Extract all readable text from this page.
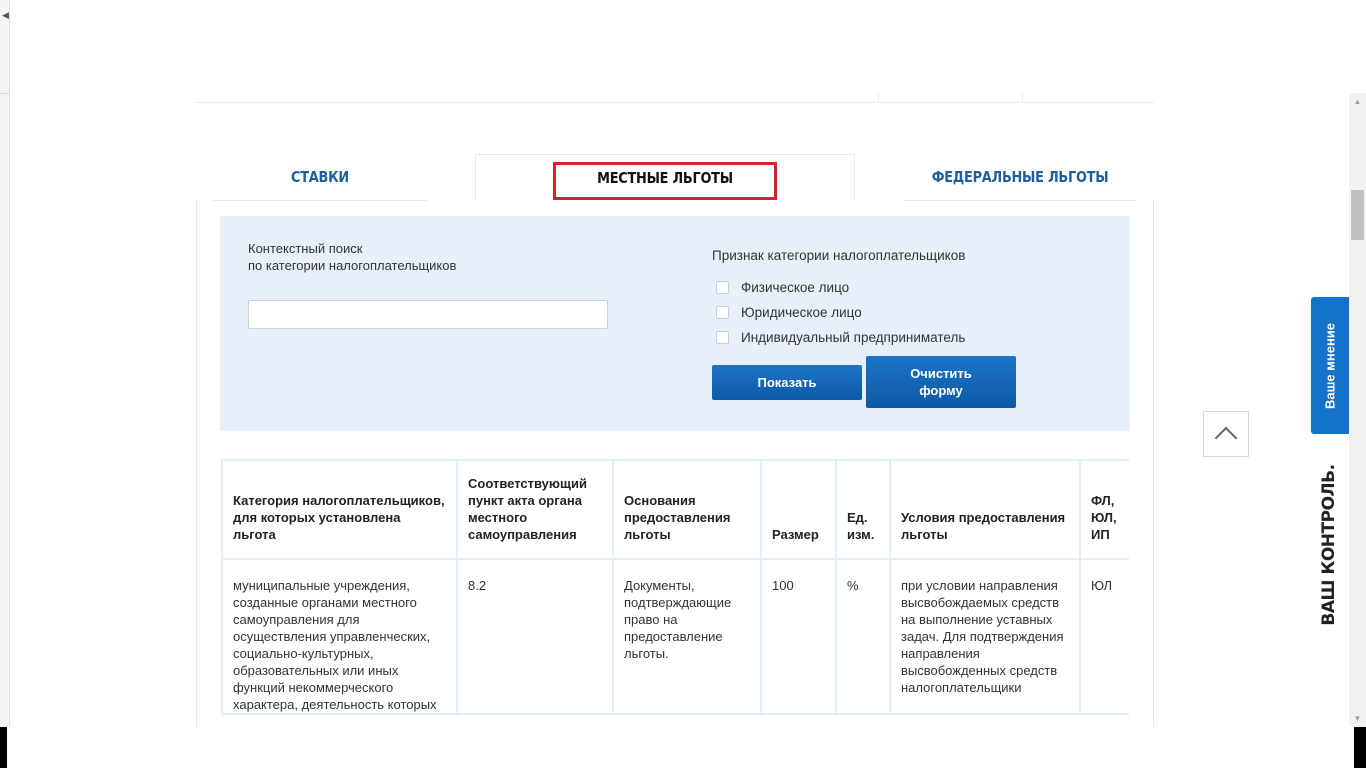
◀
СТАВКИ	МЕСТНЫЕ ЛЬГОТЫ	ФЕДЕРАЛЬНЫЕ ЛЬГОТЫ
Контекстный поиск
по категории налогоплательщиков
Признак категории налогоплательщиков
Физическое лицо
Юридическое лицо
Индивидуальный предприниматель
Показать
Очистить
форму
Категория налогоплательщиков, для которых установлена льгота	Соответствующий пункт акта органа местного самоуправления	Основания предоставления льготы	Размер	Ед. изм.	Условия предоставления льготы	ФЛ, ЮЛ, ИП
муниципальные учреждения, созданные органами местного самоуправления для осуществления управленческих, социально-культурных, образовательных или иных функций некоммерческого характера, деятельность которых	8.2	Документы, подтверждающие право на предоставление льготы.	100	%	при условии направления высвобождаемых средств на выполнение уставных задач. Для подтверждения направления высвобожденных средств налогоплательщики	ЮЛ
Ваше мнение
ВАШ КОНТРОЛЬ.
▲
▼
